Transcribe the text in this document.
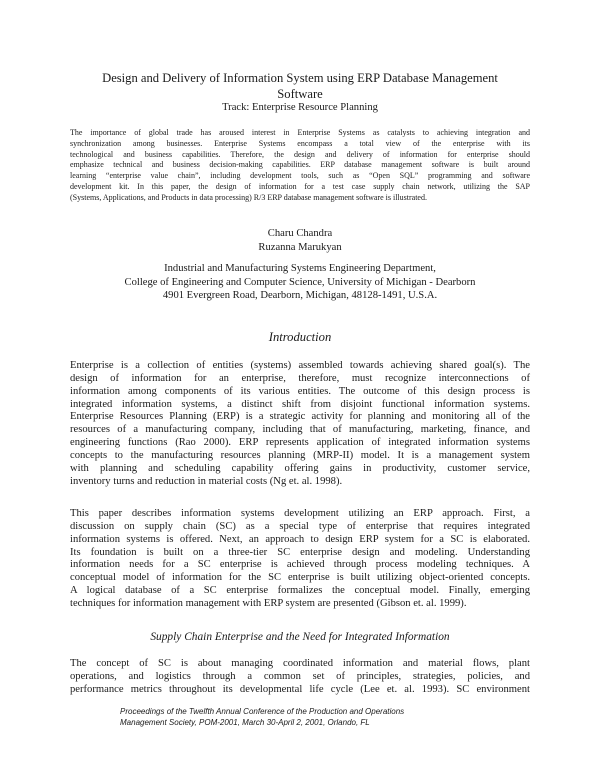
Design and Delivery of Information System using ERP Database Management
Software
Track: Enterprise Resource Planning
The importance of global trade has aroused interest in Enterprise Systems as catalysts to achieving integration and
synchronization among businesses. Enterprise Systems encompass a total view of the enterprise with its
technological and business capabilities. Therefore, the design and delivery of information for enterprise should
emphasize technical and business decision-making capabilities. ERP database management software is built around
learning “enterprise value chain”, including development tools, such as “Open SQL” programming and software
development kit. In this paper, the design of information for a test case supply chain network, utilizing the SAP
(Systems, Applications, and Products in data processing) R/3 ERP database management software is illustrated.
Charu Chandra
Ruzanna Marukyan
Industrial and Manufacturing Systems Engineering Department,
College of Engineering and Computer Science, University of Michigan - Dearborn
4901 Evergreen Road, Dearborn, Michigan, 48128-1491, U.S.A.
Introduction
Enterprise is a collection of entities (systems) assembled towards achieving shared goal(s). The
design of information for an enterprise, therefore, must recognize interconnections of
information among components of its various entities. The outcome of this design process is
integrated information systems, a distinct shift from disjoint functional information systems.
Enterprise Resources Planning (ERP) is a strategic activity for planning and monitoring all of the
resources of a manufacturing company, including that of manufacturing, marketing, finance, and
engineering functions (Rao 2000). ERP represents application of integrated information systems
concepts to the manufacturing resources planning (MRP-II) model. It is a management system
with planning and scheduling capability offering gains in productivity, customer service,
inventory turns and reduction in material costs (Ng et. al. 1998).
This paper describes information systems development utilizing an ERP approach. First, a
discussion on supply chain (SC) as a special type of enterprise that requires integrated
information systems is offered. Next, an approach to design ERP system for a SC is elaborated.
Its foundation is built on a three-tier SC enterprise design and modeling. Understanding
information needs for a SC enterprise is achieved through process modeling techniques. A
conceptual model of information for the SC enterprise is built utilizing object-oriented concepts.
A logical database of a SC enterprise formalizes the conceptual model. Finally, emerging
techniques for information management with ERP system are presented (Gibson et. al. 1999).
Supply Chain Enterprise and the Need for Integrated Information
The concept of SC is about managing coordinated information and material flows, plant
operations, and logistics through a common set of principles, strategies, policies, and
performance metrics throughout its developmental life cycle (Lee et. al. 1993). SC environment
Proceedings of the Twelfth Annual Conference of the Production and Operations
Management Society, POM-2001, March 30-April 2, 2001, Orlando, FL
